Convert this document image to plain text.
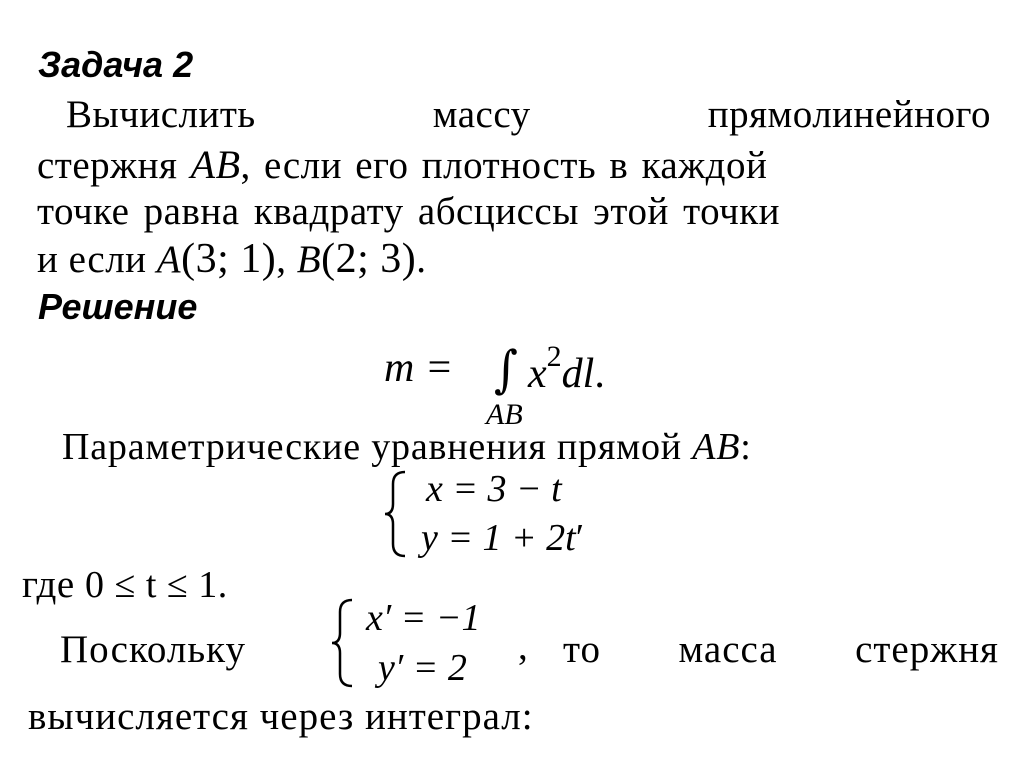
Задача 2
Вычислить	массу	прямолинейного
стержня AB, если его плотность в каждой
точке равна квадрату абсциссы этой точки
и если A(3; 1), B(2; 3).
Решение
m = ∫ $x^2dl$.
AB
Параметрические уравнения прямой AB:
x = 3 − t
y = 1 + 2t′
где 0 ≤ t ≤ 1.
Поскольку
x′ = −1
y′ = 2 , то масса стержня
вычисляется через интеграл:
